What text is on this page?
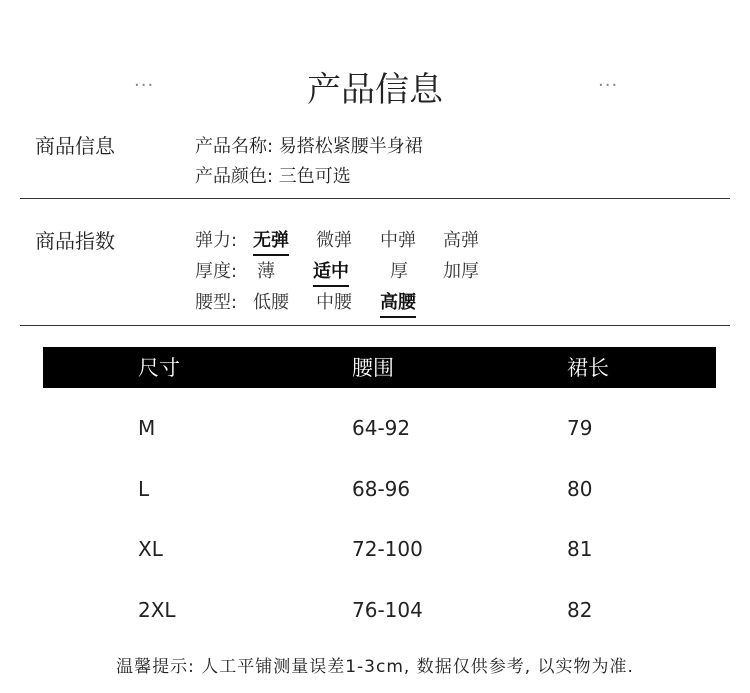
...	产品信息	...
商品信息	产品名称: 易搭松紧腰半身裙
产品颜色: 三色可选
商品指数	弹力: 无弹 微弹 中弹 高弹
厚度: 薄 适中 厚 加厚
腰型: 低腰 中腰 高腰
尺寸	腰围	裙长
M	64-92	79
L	68-96	80
XL	72-100	81
2XL	76-104	82
温馨提示: 人工平铺测量误差1-3cm, 数据仅供参考, 以实物为准.
